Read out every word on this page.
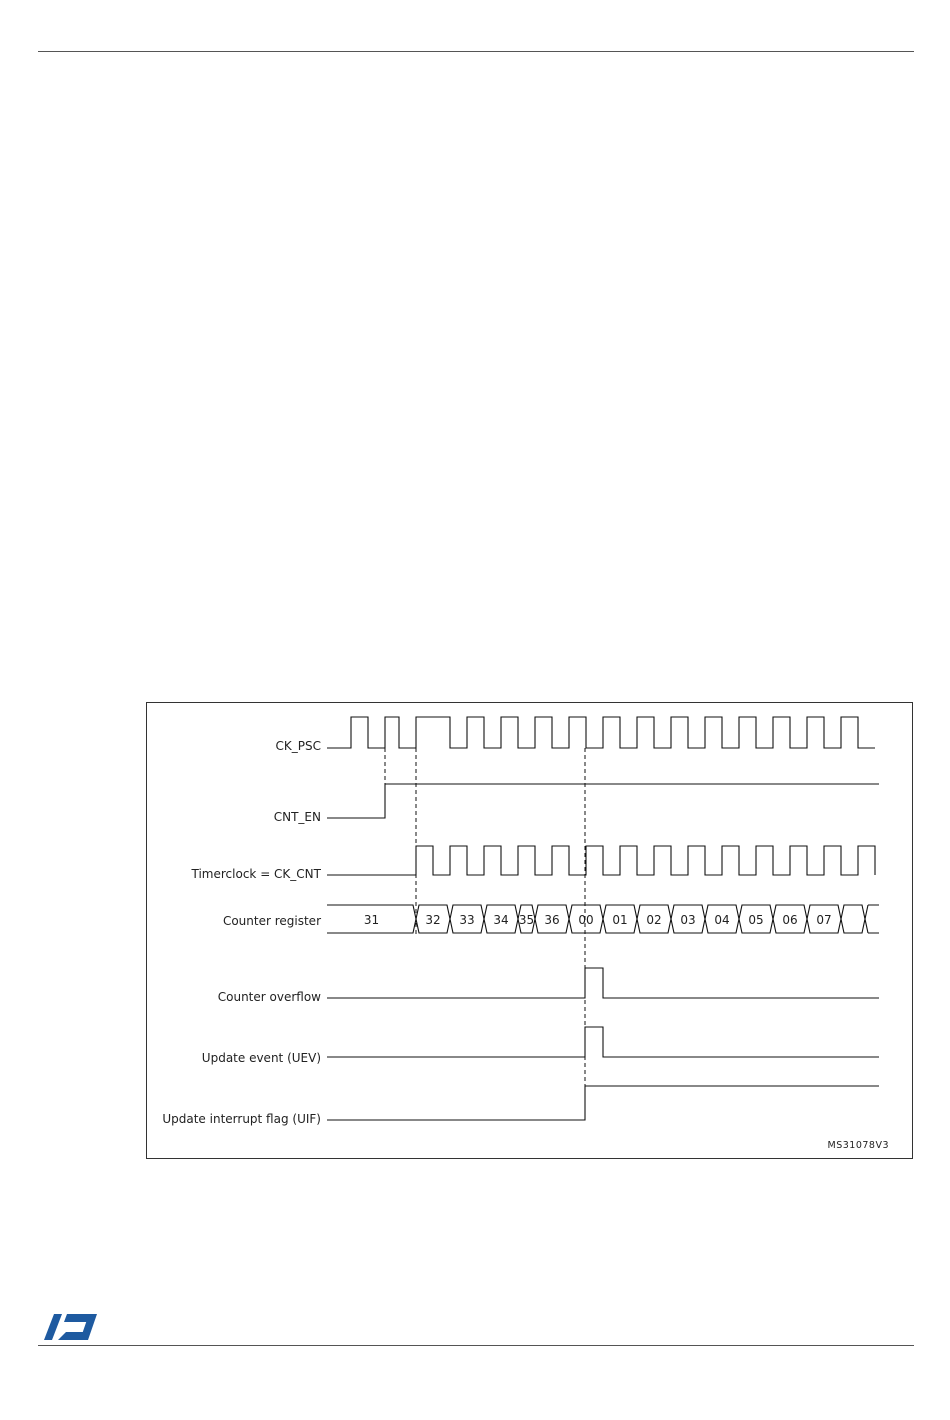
31	32 33 34 35 36 00 01 02 03 04 05 06 07
CK_PSC
CNT_EN
Timerclock = CK_CNT
Counter register
Counter overflow
Update event (UEV)
Update interrupt flag (UIF)
MS31078V3
